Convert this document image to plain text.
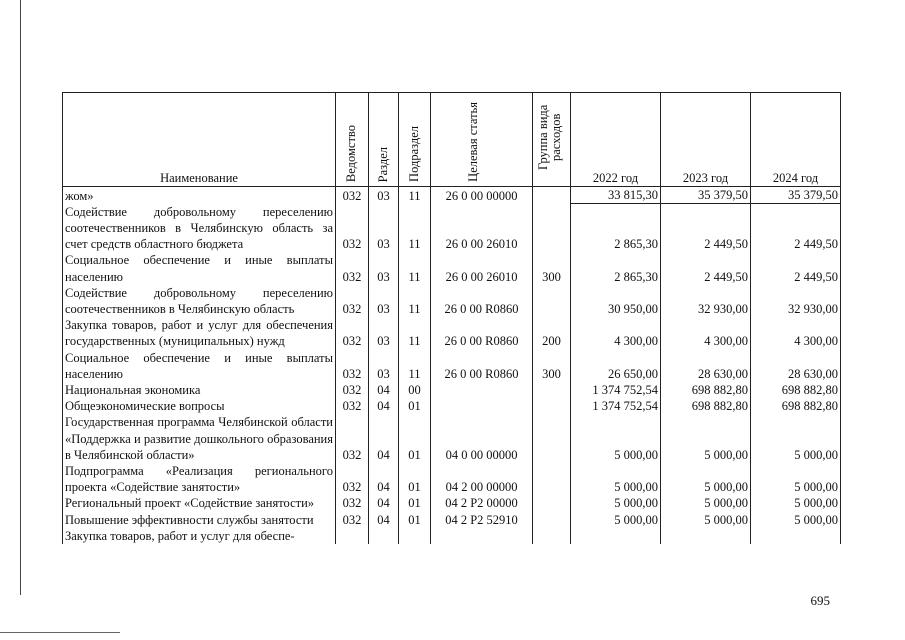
Наименование	Ведомство	Раздел	Подраздел	Целевая статья	Группа вида расходов	2022 год	2023 год	2024 год
жом»	032	03	11	26 0 00 00000		33 815,30	35 379,50	35 379,50
Содействие добровольному переселению соотечественников в Челябинскую область за счет средств областного бюджета	032	03	11	26 0 00 26010		2 865,30	2 449,50	2 449,50
Социальное обеспечение и иные выплаты населению	032	03	11	26 0 00 26010	300	2 865,30	2 449,50	2 449,50
Содействие добровольному переселению соотечественников в Челябинскую область	032	03	11	26 0 00 R0860		30 950,00	32 930,00	32 930,00
Закупка товаров, работ и услуг для обеспечения государственных (муниципальных) нужд	032	03	11	26 0 00 R0860	200	4 300,00	4 300,00	4 300,00
Социальное обеспечение и иные выплаты населению	032	03	11	26 0 00 R0860	300	26 650,00	28 630,00	28 630,00
Национальная экономика	032	04	00			1 374 752,54	698 882,80	698 882,80
Общеэкономические вопросы	032	04	01			1 374 752,54	698 882,80	698 882,80
Государственная программа Челябинской области «Поддержка и развитие дошкольного образования в Челябинской области»	032	04	01	04 0 00 00000		5 000,00	5 000,00	5 000,00
Подпрограмма «Реализация регионального проекта «Содействие занятости»	032	04	01	04 2 00 00000		5 000,00	5 000,00	5 000,00
Региональный проект «Содействие занятости»	032	04	01	04 2 P2 00000		5 000,00	5 000,00	5 000,00
Повышение эффективности службы занятости	032	04	01	04 2 P2 52910		5 000,00	5 000,00	5 000,00
Закупка товаров, работ и услуг для обеспе-								
695
